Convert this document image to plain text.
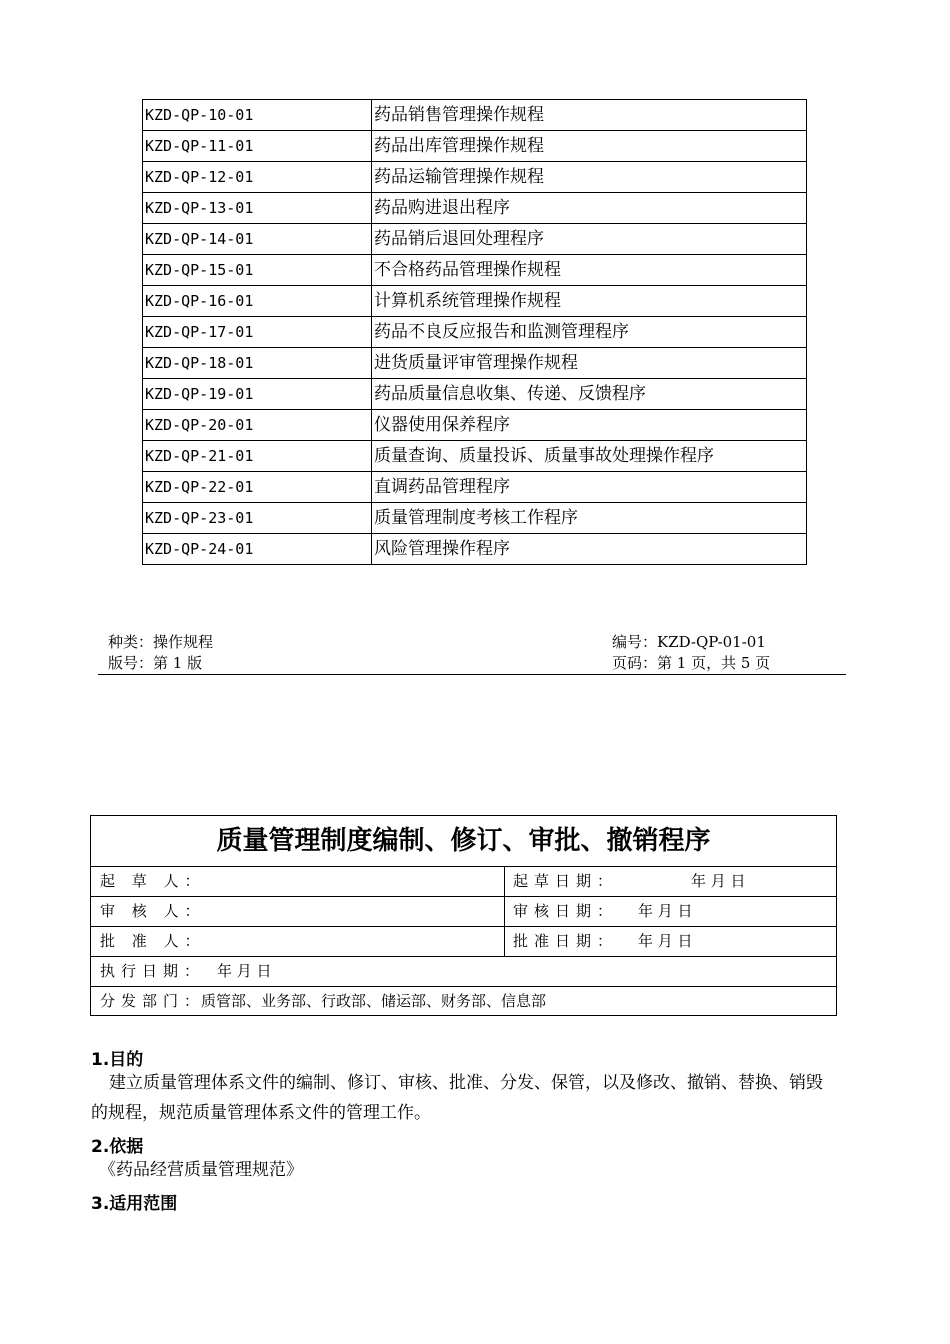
KZD-QP-10-01	药品销售管理操作规程
KZD-QP-11-01	药品出库管理操作规程
KZD-QP-12-01	药品运输管理操作规程
KZD-QP-13-01	药品购进退出程序
KZD-QP-14-01	药品销后退回处理程序
KZD-QP-15-01	不合格药品管理操作规程
KZD-QP-16-01	计算机系统管理操作规程
KZD-QP-17-01	药品不良反应报告和监测管理程序
KZD-QP-18-01	进货质量评审管理操作规程
KZD-QP-19-01	药品质量信息收集、传递、反馈程序
KZD-QP-20-01	仪器使用保养程序
KZD-QP-21-01	质量查询、质量投诉、质量事故处理操作程序
KZD-QP-22-01	直调药品管理程序
KZD-QP-23-01	质量管理制度考核工作程序
KZD-QP-24-01	风险管理操作程序
种类：操作规程
版号：第 1 版
编号：KZD-QP-01-01
页码：第 1 页，共 5 页
质量管理制度编制、修订、审批、撤销程序
起 草 人：	起草日期：	年 月 日
审 核 人：	审核日期： 年 月 日
批 准 人：	批准日期： 年 月 日
执行日期： 年 月 日
分发部门：
质管部、业务部、行政部、储运部、财务部、信息部
1.目的
建立质量管理体系文件的编制、修订、审核、批准、分发、保管，以及修改、撤销、替换、销毁
的规程，规范质量管理体系文件的管理工作。
2.依据
《药品经营质量管理规范》
3.适用范围
